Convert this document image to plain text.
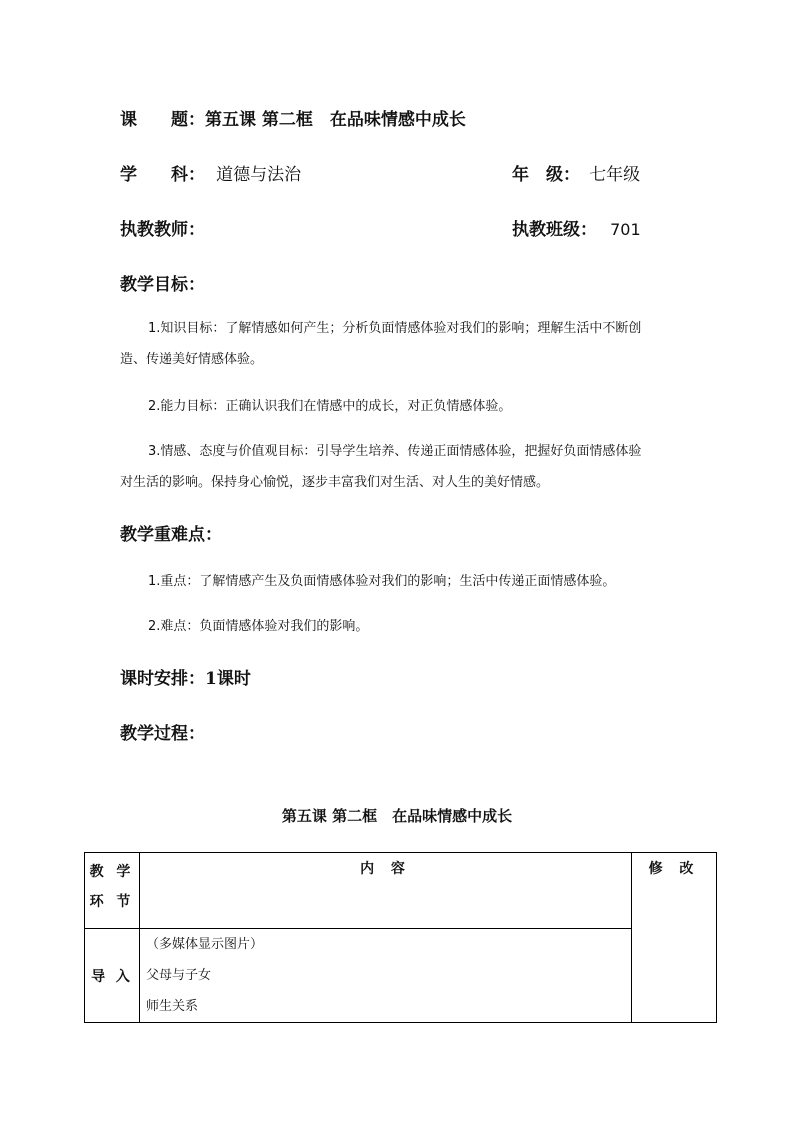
课　　题：第五课 第二框　在品味情感中成长
学　　科： 道德与法治	年　级： 七年级
执教教师：	执教班级： 701
教学目标：
1.知识目标：了解情感如何产生；分析负面情感体验对我们的影响；理解生活中不断创
造、传递美好情感体验。
2.能力目标：正确认识我们在情感中的成长，对正负情感体验。
3.情感、态度与价值观目标：引导学生培养、传递正面情感体验，把握好负面情感体验
对生活的影响。保持身心愉悦，逐步丰富我们对生活、对人生的美好情感。
教学重难点：
1.重点：了解情感产生及负面情感体验对我们的影响；生活中传递正面情感体验。
2.难点：负面情感体验对我们的影响。
课时安排：1课时
教学过程：
第五课 第二框　在品味情感中成长
教 学
环 节	内 容	修 改

导 入	（多媒体显示图片）
父母与子女
师生关系	
